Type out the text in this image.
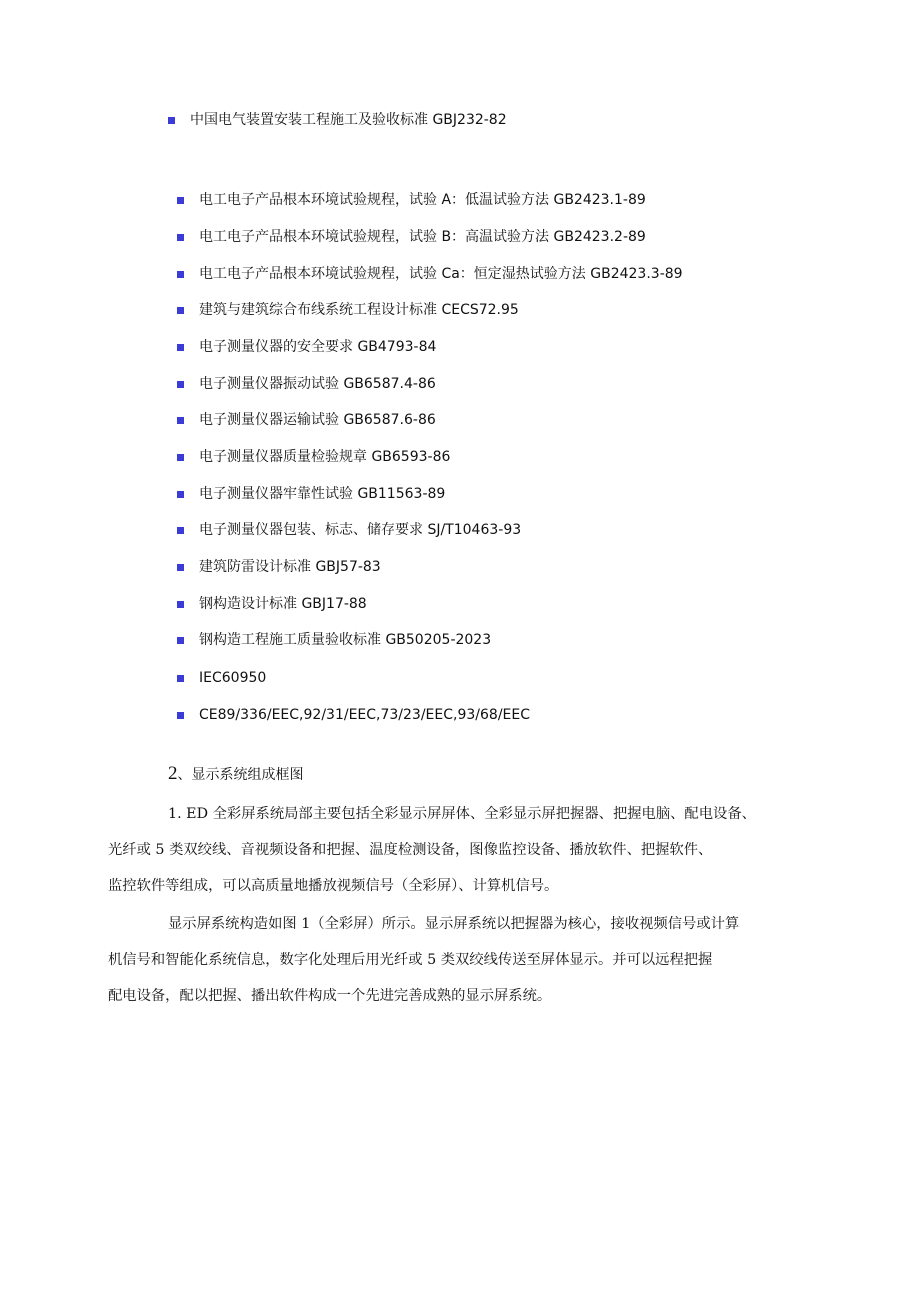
中国电气装置安装工程施工及验收标准 GBJ232-82
电工电子产品根本环境试验规程，试验 A：低温试验方法 GB2423.1-89
电工电子产品根本环境试验规程，试验 B：高温试验方法 GB2423.2-89
电工电子产品根本环境试验规程，试验 Ca：恒定湿热试验方法 GB2423.3-89
建筑与建筑综合布线系统工程设计标准 CECS72.95
电子测量仪器的安全要求 GB4793-84
电子测量仪器振动试验 GB6587.4-86
电子测量仪器运输试验 GB6587.6-86
电子测量仪器质量检验规章 GB6593-86
电子测量仪器牢靠性试验 GB11563-89
电子测量仪器包装、标志、储存要求 SJ/T10463-93
建筑防雷设计标准 GBJ57-83
钢构造设计标准 GBJ17-88
钢构造工程施工质量验收标准 GB50205-2023
IEC60950
CE89/336/EEC,92/31/EEC,73/23/EEC,93/68/EEC
2、显示系统组成框图
1. ED 全彩屏系统局部主要包括全彩显示屏屏体、全彩显示屏把握器、把握电脑、配电设备、
光纤或 5 类双绞线、音视频设备和把握、温度检测设备，图像监控设备、播放软件、把握软件、
监控软件等组成，可以高质量地播放视频信号（全彩屏）、计算机信号。
显示屏系统构造如图 1（全彩屏）所示。显示屏系统以把握器为核心，接收视频信号或计算
机信号和智能化系统信息，数字化处理后用光纤或 5 类双绞线传送至屏体显示。并可以远程把握
配电设备，配以把握、播出软件构成一个先进完善成熟的显示屏系统。
